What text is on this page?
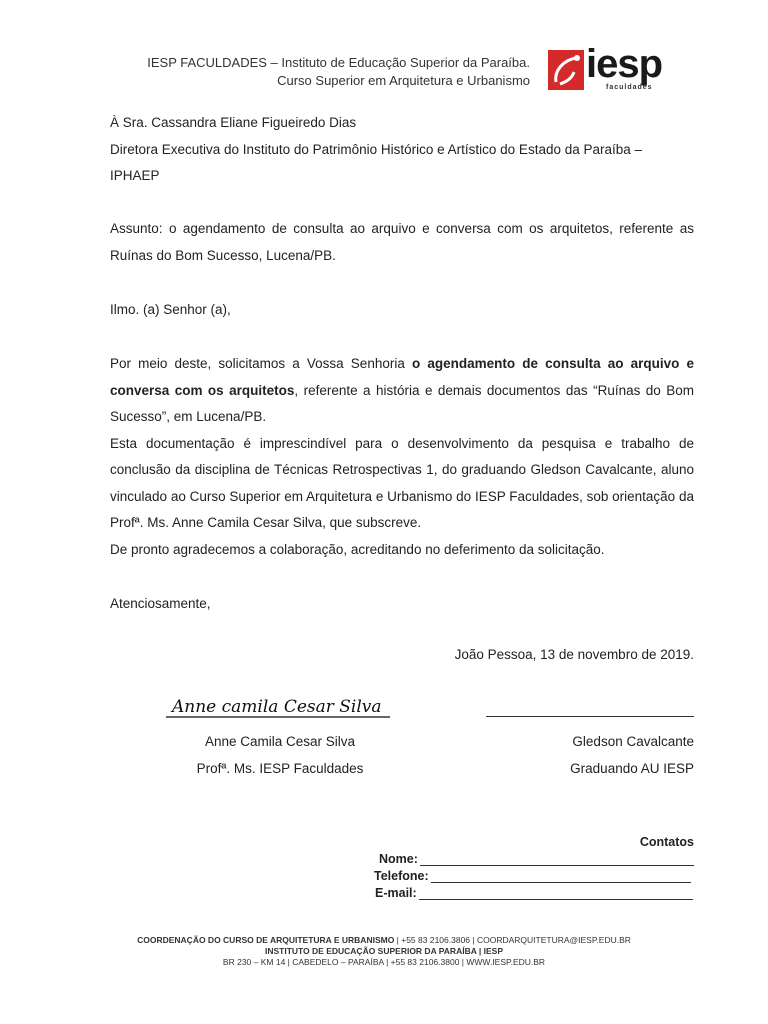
IESP FACULDADES – Instituto de Educação Superior da Paraíba.
Curso Superior em Arquitetura e Urbanismo iesp
faculdades

À Sra. Cassandra Eliane Figueiredo Dias

Diretora Executiva do Instituto do Patrimônio Histórico e Artístico do Estado da Paraíba – IPHAEP

Assunto: o agendamento de consulta ao arquivo e conversa com os arquitetos, referente as Ruínas do Bom Sucesso, Lucena/PB.

Ilmo. (a) Senhor (a),

Por meio deste, solicitamos a Vossa Senhoria o agendamento de consulta ao arquivo e conversa com os arquitetos, referente a história e demais documentos das “Ruínas do Bom Sucesso”, em Lucena/PB.

Esta documentação é imprescindível para o desenvolvimento da pesquisa e trabalho de conclusão da disciplina de Técnicas Retrospectivas 1, do graduando Gledson Cavalcante, aluno vinculado ao Curso Superior em Arquitetura e Urbanismo do IESP Faculdades, sob orientação da Profª. Ms. Anne Camila Cesar Silva, que subscreve.

De pronto agradecemos a colaboração, acreditando no deferimento da solicitação.

Atenciosamente,

João Pessoa, 13 de novembro de 2019.
Anne camila Cesar Silva
Anne Camila Cesar Silva
Profª. Ms. IESP Faculdades
Gledson Cavalcante
Graduando AU IESP
Contatos
Nome:
Telefone:
E-mail:
COORDENAÇÃO DO CURSO DE ARQUITETURA E URBANISMO | +55 83 2106.3806 | COORDARQUITETURA@IESP.EDU.BR
INSTITUTO DE EDUCAÇÃO SUPERIOR DA PARAÍBA | IESP
BR 230 – KM 14 | CABEDELO – PARAÍBA | +55 83 2106.3800 | WWW.IESP.EDU.BR
